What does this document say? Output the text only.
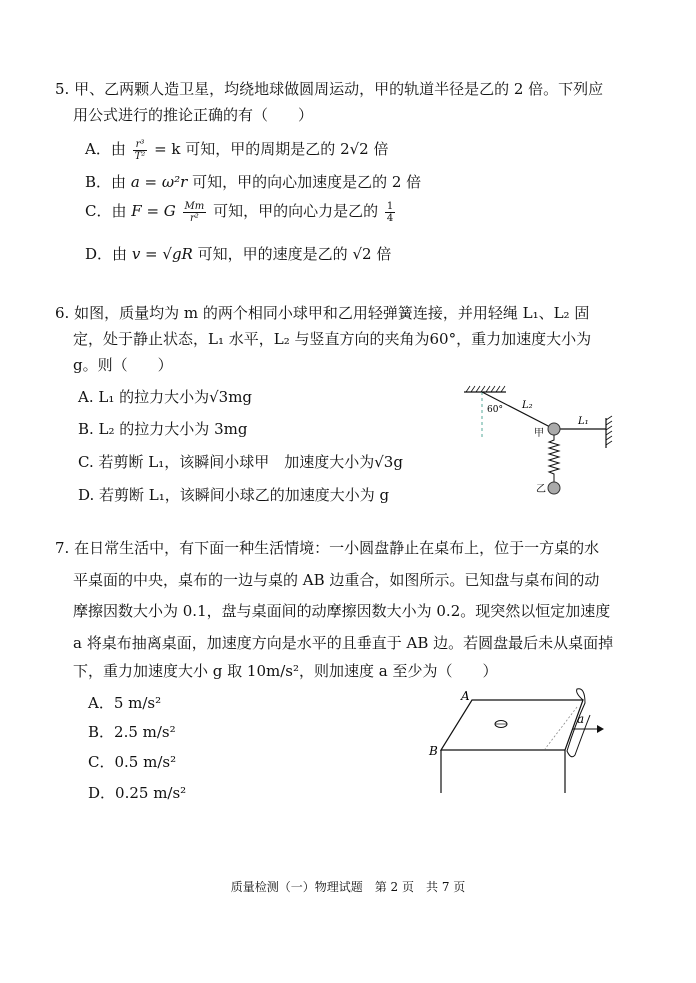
5. 甲、乙两颗人造卫星，均绕地球做圆周运动，甲的轨道半径是乙的 2 倍。下列应
用公式进行的推论正确的有（　　）
A．由 $\frac{\text{r³}}{\text{T²}} = k$ 可知，甲的周期是乙的 2√2 倍
B．由 a = ω²r 可知，甲的向心加速度是乙的 2 倍
C．由 F = G $\frac{Mm}{\text{r²}}$ 可知，甲的向心力是乙的 $\frac{1}{4}$
D．由 v = √gR 可知，甲的速度是乙的 √2 倍
6. 如图，质量均为 m 的两个相同小球甲和乙用轻弹簧连接，并用轻绳 L₁、L₂ 固
定，处于静止状态，L₁ 水平，L₂ 与竖直方向的夹角为60°，重力加速度大小为
g。则（　　）
A. L₁ 的拉力大小为√3mg
B. L₂ 的拉力大小为 3mg
C. 若剪断 L₁，该瞬间小球甲　加速度大小为√3g
D. 若剪断 L₁，该瞬间小球乙的加速度大小为 g
60° L₂
L₁
甲
乙
7. 在日常生活中，有下面一种生活情境：一小圆盘静止在桌布上，位于一方桌的水
平桌面的中央，桌布的一边与桌的 AB 边重合，如图所示。已知盘与桌布间的动
摩擦因数大小为 0.1，盘与桌面间的动摩擦因数大小为 0.2。现突然以恒定加速度
a 将桌布抽离桌面，加速度方向是水平的且垂直于 AB 边。若圆盘最后未从桌面掉
下，重力加速度大小 g 取 10m/s²，则加速度 a 至少为（　　）
A．5 m/s²
B．2.5 m/s²
C．0.5 m/s²
D．0.25 m/s²
A
B
a
质量检测（一）物理试题　第 2 页　共 7 页
